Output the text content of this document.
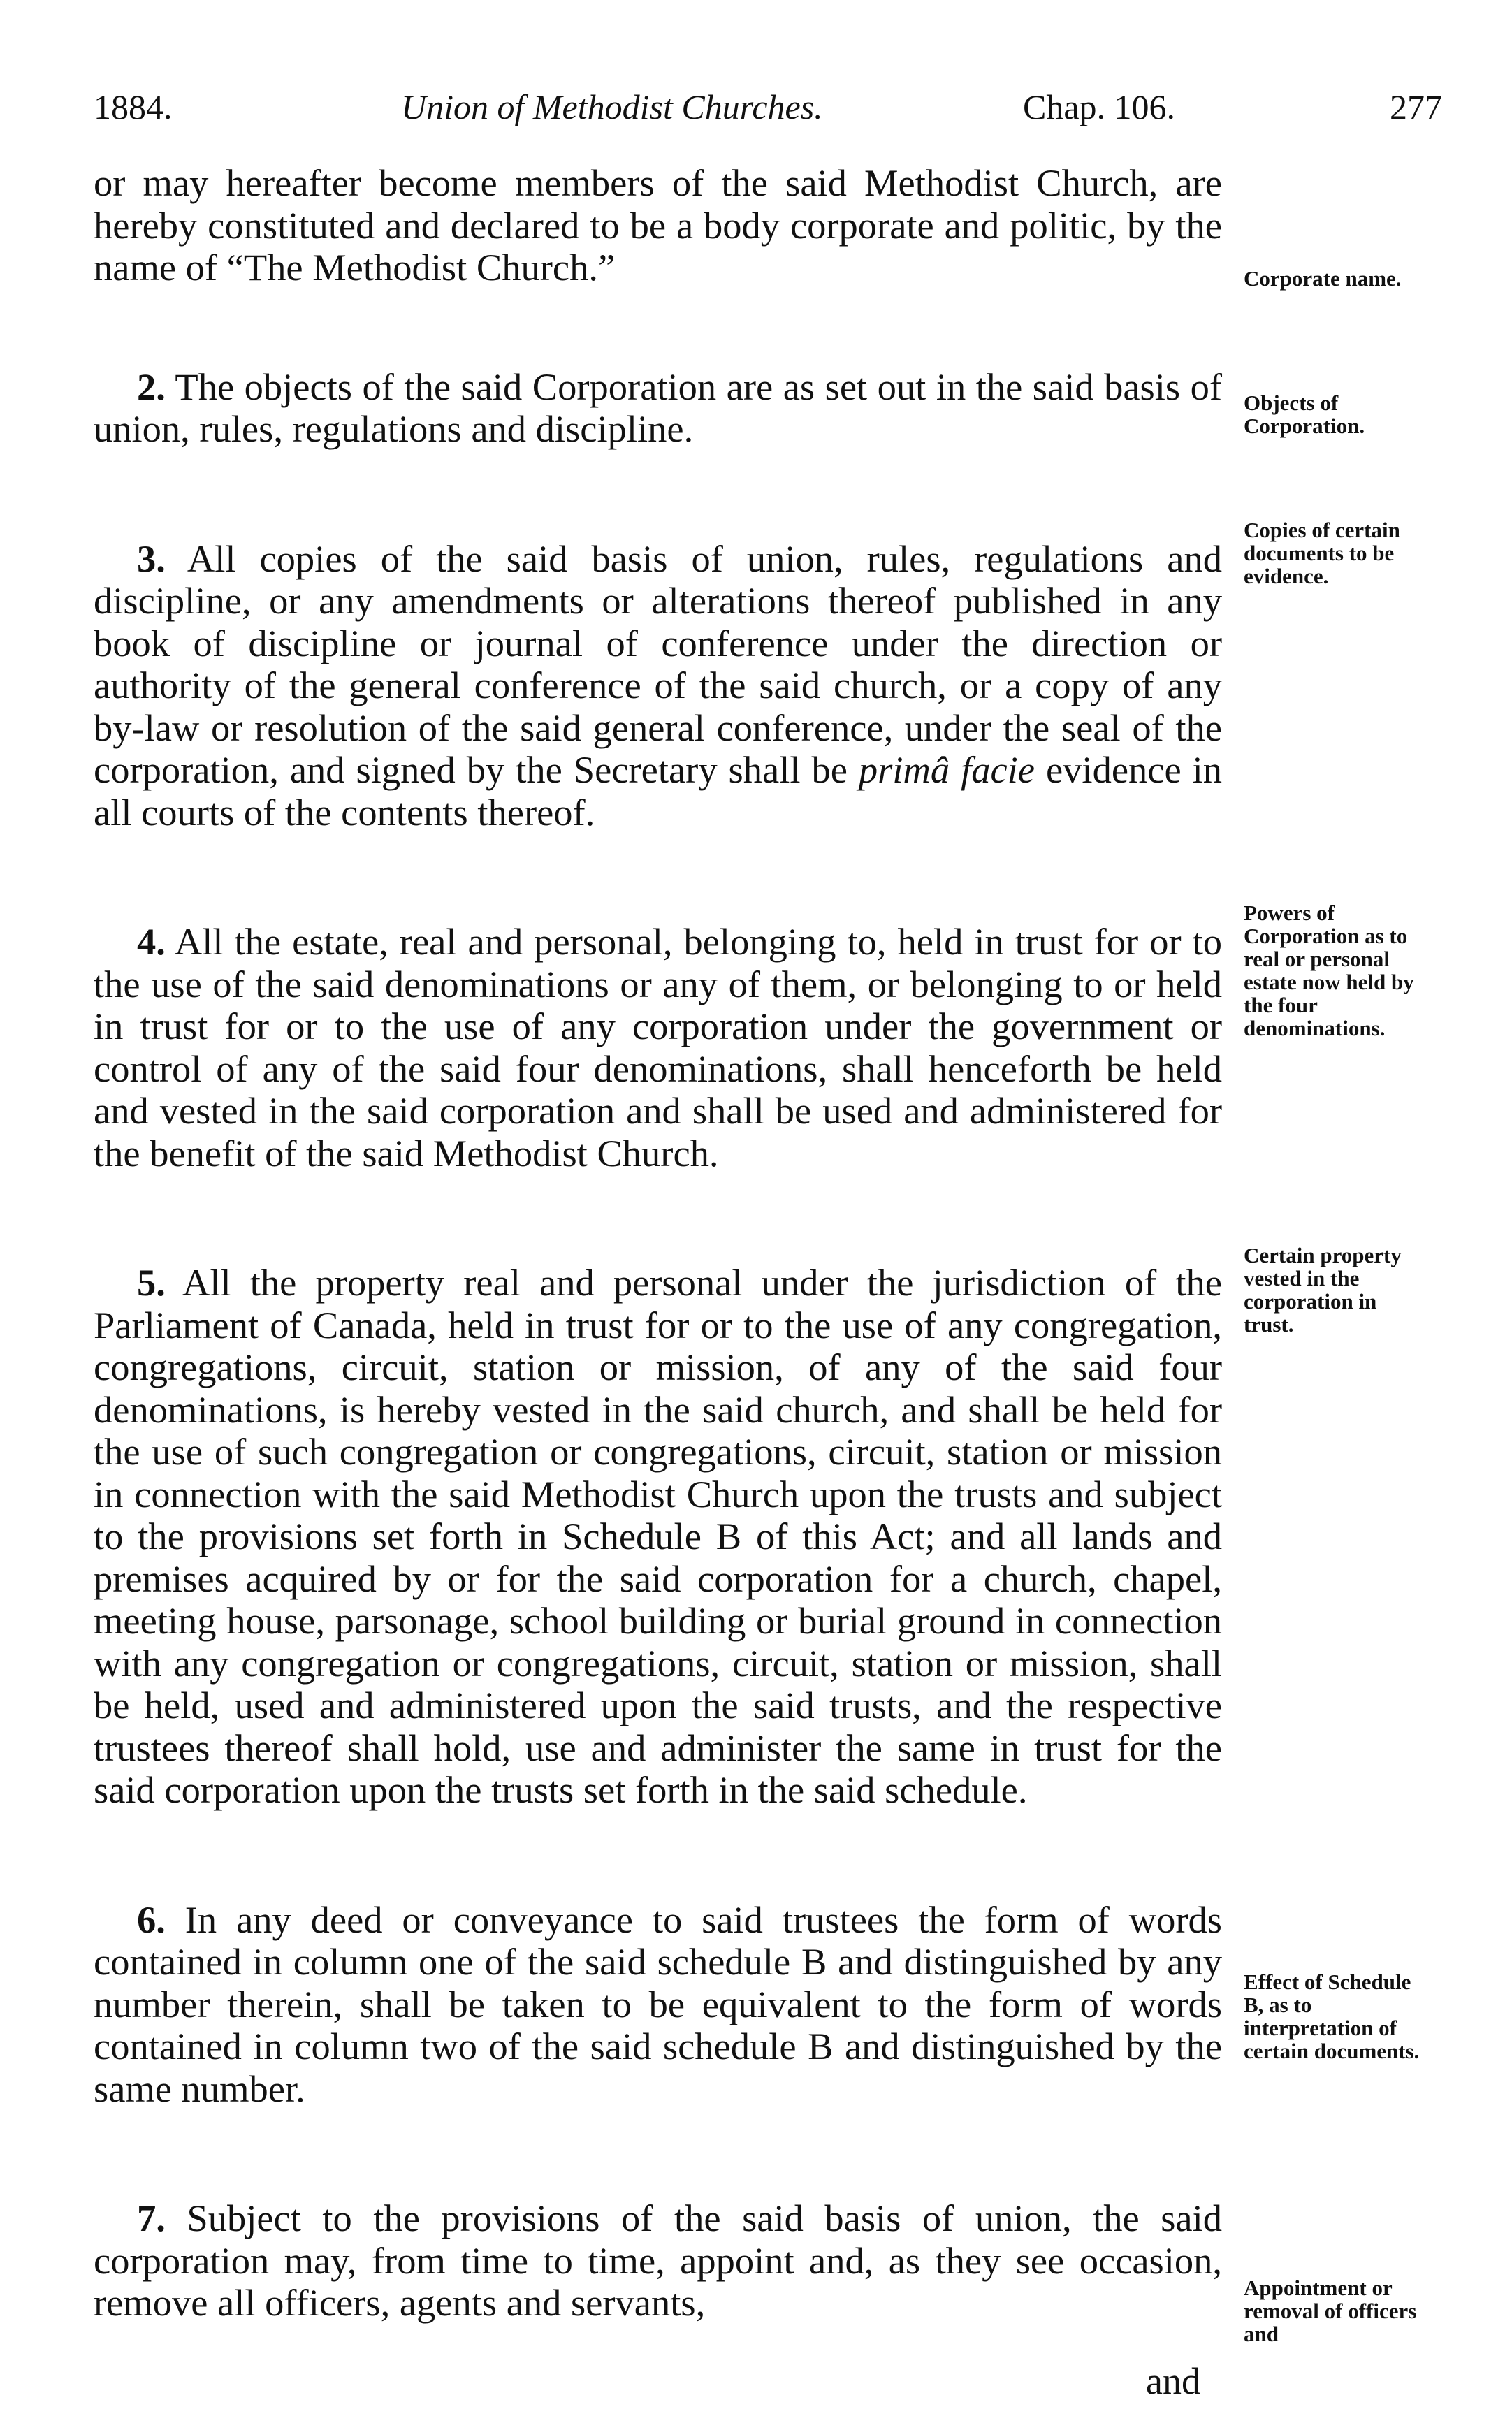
1884.	Union of Methodist Churches.	Chap. 106.	277

or may hereafter become members of the said Methodist Church, are hereby constituted and declared to be a body corporate and politic, by the name of “The Methodist Church.”

2. The objects of the said Corporation are as set out in the said basis of union, rules, regulations and discipline.

3. All copies of the said basis of union, rules, regulations and discipline, or any amendments or alterations thereof published in any book of discipline or journal of conference under the direction or authority of the general conference of the said church, or a copy of any by-law or resolution of the said general conference, under the seal of the corporation, and signed by the Secretary shall be primâ facie evidence in all courts of the contents thereof.

4. All the estate, real and personal, belonging to, held in trust for or to the use of the said denominations or any of them, or belonging to or held in trust for or to the use of any corporation under the government or control of any of the said four denominations, shall henceforth be held and vested in the said corporation and shall be used and administered for the benefit of the said Methodist Church.

5. All the property real and personal under the jurisdiction of the Parliament of Canada, held in trust for or to the use of any congregation, congregations, circuit, station or mission, of any of the said four denominations, is hereby vested in the said church, and shall be held for the use of such congregation or congregations, circuit, station or mission in connection with the said Methodist Church upon the trusts and subject to the provisions set forth in Schedule B of this Act; and all lands and premises acquired by or for the said corporation for a church, chapel, meeting house, parsonage, school building or burial ground in connection with any congregation or congregations, circuit, station or mission, shall be held, used and administered upon the said trusts, and the respective trustees thereof shall hold, use and administer the same in trust for the said corporation upon the trusts set forth in the said schedule.

6. In any deed or conveyance to said trustees the form of words contained in column one of the said schedule B and distinguished by any number therein, shall be taken to be equivalent to the form of words contained in column two of the said schedule B and distinguished by the same number.

7. Subject to the provisions of the said basis of union, the said corporation may, from time to time, appoint and, as they see occasion, remove all officers, agents and servants,

Corporate name.
Objects of Corporation.
Copies of certain documents to be evidence.
Powers of Corporation as to real or personal estate now held by the four denominations.
Certain property vested in the corporation in trust.
Effect of Schedule B, as to interpretation of certain documents.
Appointment or removal of officers and
and
